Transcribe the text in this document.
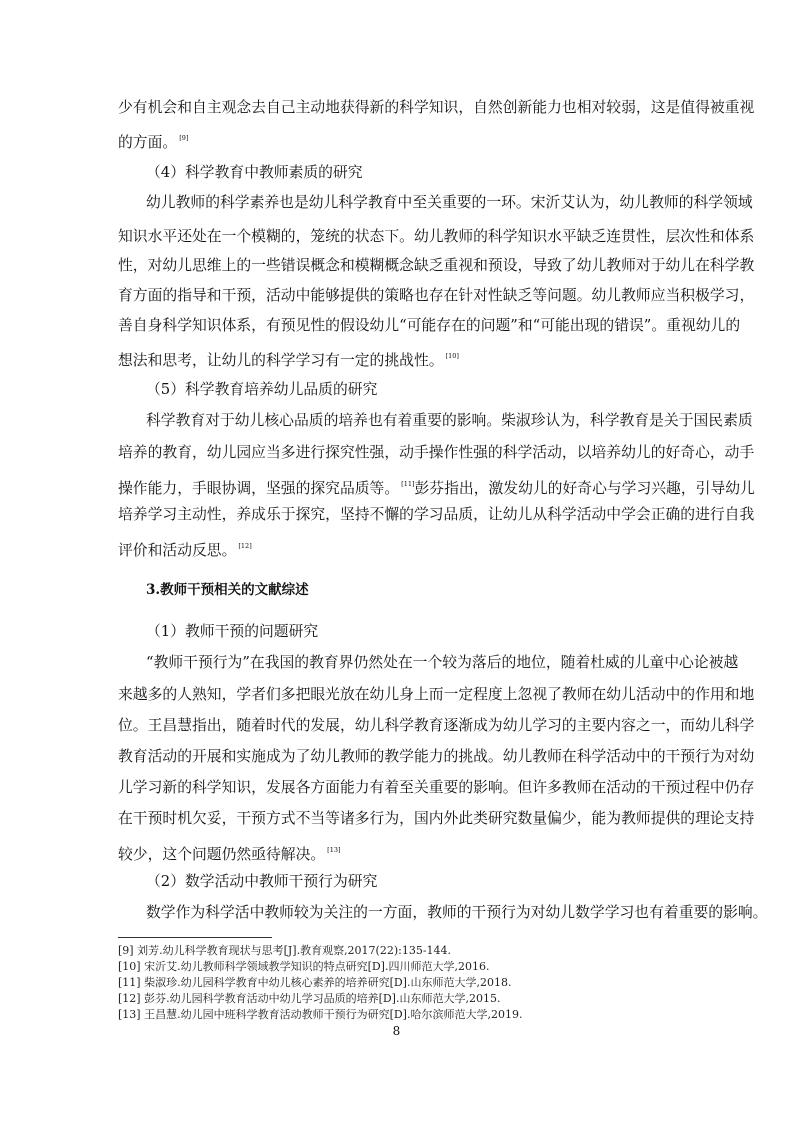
少有机会和自主观念去自己主动地获得新的科学知识，自然创新能力也相对较弱，这是值得被重视
的方面。 [9]
（4）科学教育中教师素质的研究
幼儿教师的科学素养也是幼儿科学教育中至关重要的一环。宋沂艾认为，幼儿教师的科学领域
知识水平还处在一个模糊的，笼统的状态下。幼儿教师的科学知识水平缺乏连贯性，层次性和体系
性，对幼儿思维上的一些错误概念和模糊概念缺乏重视和预设，导致了幼儿教师对于幼儿在科学教
育方面的指导和干预，活动中能够提供的策略也存在针对性缺乏等问题。幼儿教师应当积极学习，
善自身科学知识体系，有预见性的假设幼儿“可能存在的问题”和“可能出现的错误”。重视幼儿的
想法和思考，让幼儿的科学学习有一定的挑战性。 [10]
（5）科学教育培养幼儿品质的研究
科学教育对于幼儿核心品质的培养也有着重要的影响。柴淑珍认为，科学教育是关于国民素质
培养的教育，幼儿园应当多进行探究性强，动手操作性强的科学活动，以培养幼儿的好奇心，动手
操作能力，手眼协调，坚强的探究品质等。 [11]彭芬指出，激发幼儿的好奇心与学习兴趣，引导幼儿
培养学习主动性，养成乐于探究，坚持不懈的学习品质，让幼儿从科学活动中学会正确的进行自我
评价和活动反思。 [12]
3.教师干预相关的文献综述
（1）教师干预的问题研究
“教师干预行为”在我国的教育界仍然处在一个较为落后的地位，随着杜威的儿童中心论被越
来越多的人熟知，学者们多把眼光放在幼儿身上而一定程度上忽视了教师在幼儿活动中的作用和地
位。王昌慧指出，随着时代的发展，幼儿科学教育逐渐成为幼儿学习的主要内容之一，而幼儿科学
教育活动的开展和实施成为了幼儿教师的教学能力的挑战。幼儿教师在科学活动中的干预行为对幼
儿学习新的科学知识，发展各方面能力有着至关重要的影响。但许多教师在活动的干预过程中仍存
在干预时机欠妥，干预方式不当等诸多行为，国内外此类研究数量偏少，能为教师提供的理论支持
较少，这个问题仍然亟待解决。 [13]
（2）数学活动中教师干预行为研究
数学作为科学活中教师较为关注的一方面，教师的干预行为对幼儿数学学习也有着重要的影响。
[9] 刘芳.幼儿科学教育现状与思考[J].教育观察,2017(22):135-144.
[10] 宋沂艾.幼儿教师科学领域教学知识的特点研究[D].四川师范大学,2016.
[11] 柴淑珍.幼儿园科学教育中幼儿核心素养的培养研究[D].山东师范大学,2018.
[12] 彭芬.幼儿园科学教育活动中幼儿学习品质的培养[D].山东师范大学,2015.
[13] 王昌慧.幼儿园中班科学教育活动教师干预行为研究[D].哈尔滨师范大学,2019.
8
